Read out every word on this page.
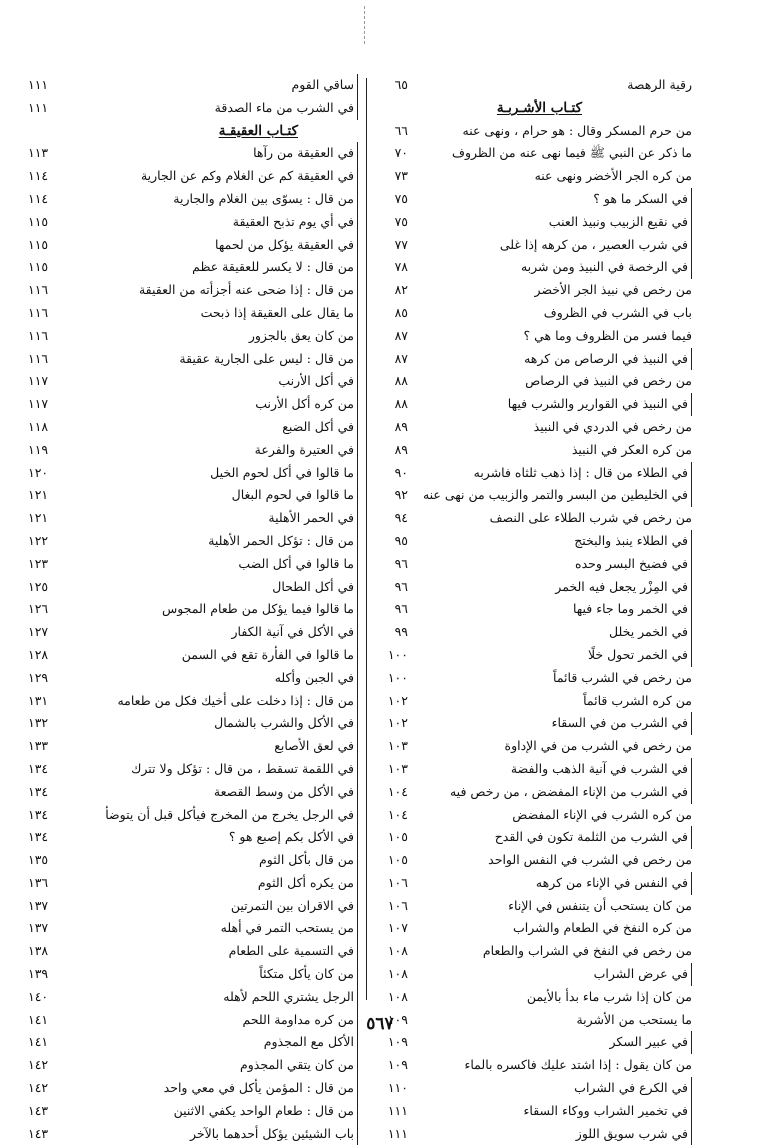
رقية الرهصة
٦٥
كتـاب الأشـربـة
من حرم المسكر وقال : هو حرام ، ونهى عنه
٦٦
ما ذكر عن النبي ﷺ فيما نهى عنه من الظروف
٧٠
من كره الجر الأخضر ونهى عنه
٧٣
في السكر ما هو ؟
٧٥
في نقيع الزبيب ونبيذ العنب
٧٥
في شرب العصير ، من كرهه إذا غلى
٧٧
في الرخصة في النبيذ ومن شربه
٧٨
من رخص في نبيذ الجر الأخضر
٨٢
باب في الشرب في الظروف
٨٥
فيما فسر من الظروف وما هي ؟
٨٧
في النبيذ في الرصاص من كرهه
٨٧
من رخص في النبيذ في الرصاص
٨٨
في النبيذ في القوارير والشرب فيها
٨٨
من رخص في الدردي في النبيذ
٨٩
من كره العكر في النبيذ
٨٩
في الطلاء من قال : إذا ذهب ثلثاه فاشربه
٩٠
في الخليطين من البسر والتمر والزبيب من نهى عنه
٩٢
من رخص في شرب الطلاء على النصف
٩٤
في الطلاء ينبذ والبختج
٩٥
في فضيخ البسر وحده
٩٦
في المِزْر يجعل فيه الخمر
٩٦
في الخمر وما جاء فيها
٩٦
في الخمر يخلل
٩٩
في الخمر تحول خلًا
١٠٠
من رخص في الشرب قائماً
١٠٠
من كره الشرب قائماً
١٠٢
في الشرب من في السقاء
١٠٢
من رخص في الشرب من في الإداوة
١٠٣
في الشرب في آنية الذهب والفضة
١٠٣
في الشرب من الإناء المفضض ، من رخص فيه
١٠٤
من كره الشرب في الإناء المفضض
١٠٤
في الشرب من الثلمة تكون في القدح
١٠٥
من رخص في الشرب في النفس الواحد
١٠٥
في النفس في الإناء من كرهه
١٠٦
من كان يستحب أن يتنفس في الإناء
١٠٦
من كره النفخ في الطعام والشراب
١٠٧
من رخص في النفخ في الشراب والطعام
١٠٨
في عرض الشراب
١٠٨
من كان إذا شرب ماء بدأ بالأيمن
١٠٨
ما يستحب من الأشربة
١٠٩
في عبير السكر
١٠٩
من كان يقول : إذا اشتد عليك فاكسره بالماء
١٠٩
في الكرع في الشراب
١١٠
في تخمير الشراب ووكاء السقاء
١١١
في شرب سويق اللوز
١١١
ساقي القوم
١١١
في الشرب من ماء الصدقة
١١١
كتـاب العقيقـة
في العقيقة من رآها
١١٣
في العقيقة كم عن الغلام وكم عن الجارية
١١٤
من قال : يسوّى بين الغلام والجارية
١١٤
في أي يوم تذبح العقيقة
١١٥
في العقيقة يؤكل من لحمها
١١٥
من قال : لا يكسر للعقيقة عظم
١١٥
من قال : إذا ضحى عنه أجزأته من العقيقة
١١٦
ما يقال على العقيقة إذا ذبحت
١١٦
من كان يعق بالجزور
١١٦
من قال : ليس على الجارية عقيقة
١١٦
في أكل الأرنب
١١٧
من كره أكل الأرنب
١١٧
في أكل الضبع
١١٨
في العتيرة والفرعة
١١٩
ما قالوا في أكل لحوم الخيل
١٢٠
ما قالوا في لحوم البغال
١٢١
في الحمر الأهلية
١٢١
من قال : تؤكل الحمر الأهلية
١٢٢
ما قالوا في أكل الضب
١٢٣
في أكل الطحال
١٢٥
ما قالوا فيما يؤكل من طعام المجوس
١٢٦
في الأكل في آنية الكفار
١٢٧
ما قالوا في الفأرة تقع في السمن
١٢٨
في الجبن وأكله
١٢٩
من قال : إذا دخلت على أخيك فكل من طعامه
١٣١
في الأكل والشرب بالشمال
١٣٢
في لعق الأصابع
١٣٣
في اللقمة تسقط ، من قال : تؤكل ولا تترك
١٣٤
في الأكل من وسط القصعة
١٣٤
في الرجل يخرج من المخرج فيأكل قبل أن يتوضأ
١٣٤
في الأكل بكم إصبع هو ؟
١٣٤
من قال بأكل الثوم
١٣٥
من يكره أكل الثوم
١٣٦
في الاقران بين التمرتين
١٣٧
من يستحب التمر في أهله
١٣٧
في التسمية على الطعام
١٣٨
من كان يأكل متكئاً
١٣٩
الرجل يشتري اللحم لأهله
١٤٠
من كره مداومة اللحم
١٤١
الأكل مع المجذوم
١٤١
من كان يتقي المجذوم
١٤٢
من قال : المؤمن يأكل في معي واحد
١٤٢
من قال : طعام الواحد يكفي الاثنين
١٤٣
باب الشيئين يؤكل أحدهما بالآخر
١٤٣
٥٦٧
